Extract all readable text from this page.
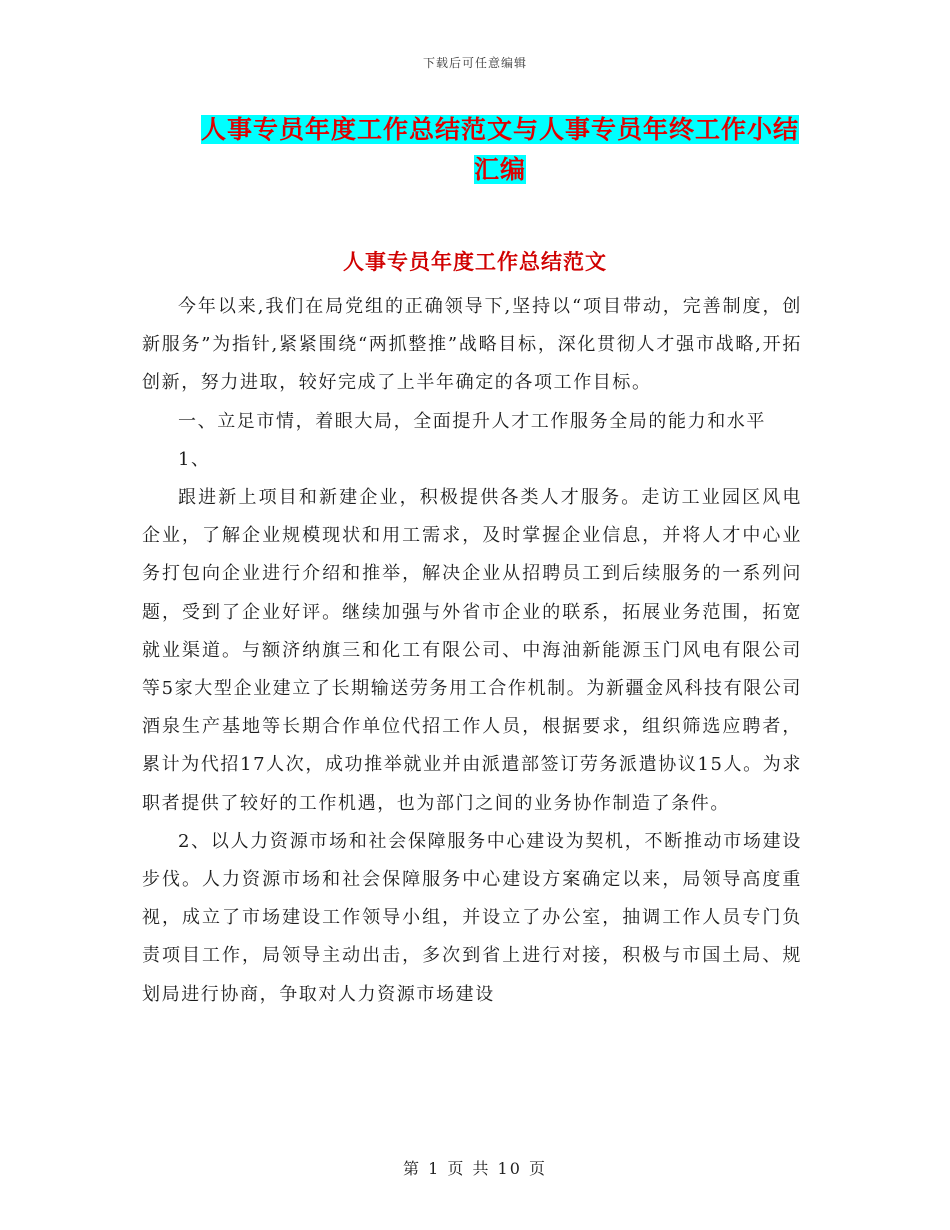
下载后可任意编辑
人事专员年度工作总结范文与人事专员年终工作小结
汇编
人事专员年度工作总结范文

今年以来,我们在局党组的正确领导下,坚持以“项目带动，完善制度，创新服务”为指针,紧紧围绕“两抓整推”战略目标，深化贯彻人才强市战略,开拓创新，努力进取，较好完成了上半年确定的各项工作目标。

一、立足市情，着眼大局，全面提升人才工作服务全局的能力和水平

1、

跟进新上项目和新建企业，积极提供各类人才服务。走访工业园区风电企业，了解企业规模现状和用工需求，及时掌握企业信息，并将人才中心业务打包向企业进行介绍和推举，解决企业从招聘员工到后续服务的一系列问题，受到了企业好评。继续加强与外省市企业的联系，拓展业务范围，拓宽就业渠道。与额济纳旗三和化工有限公司、中海油新能源玉门风电有限公司等5家大型企业建立了长期输送劳务用工合作机制。为新疆金风科技有限公司酒泉生产基地等长期合作单位代招工作人员，根据要求，组织筛选应聘者，累计为代招17人次，成功推举就业并由派遣部签订劳务派遣协议15人。为求职者提供了较好的工作机遇，也为部门之间的业务协作制造了条件。

2、以人力资源市场和社会保障服务中心建设为契机，不断推动市场建设步伐。人力资源市场和社会保障服务中心建设方案确定以来，局领导高度重视，成立了市场建设工作领导小组，并设立了办公室，抽调工作人员专门负责项目工作，局领导主动出击，多次到省上进行对接，积极与市国土局、规划局进行协商，争取对人力资源市场建设

第 1 页 共 10 页
